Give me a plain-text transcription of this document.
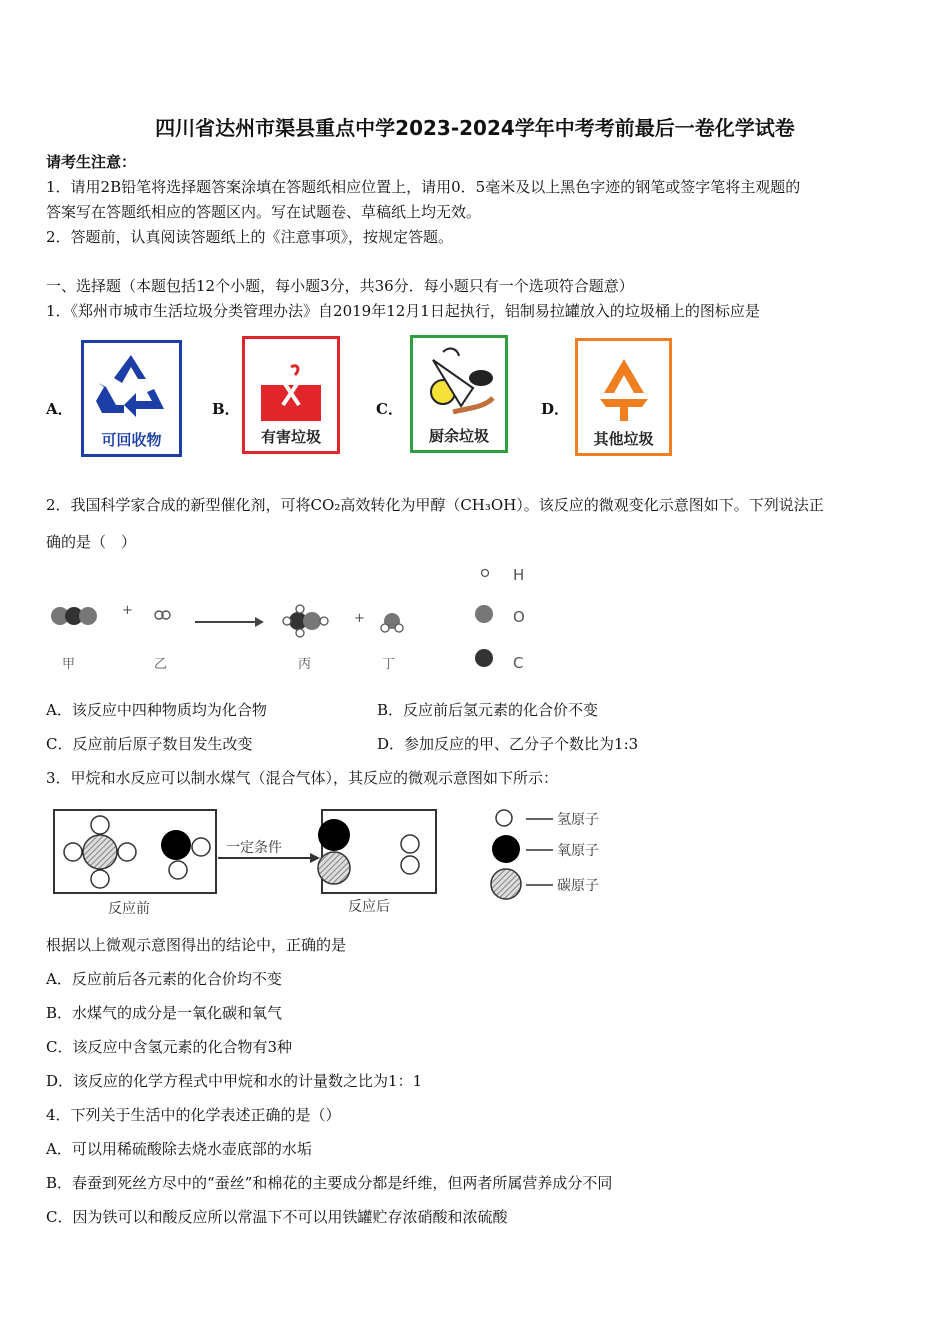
四川省达州市渠县重点中学2023-2024学年中考考前最后一卷化学试卷
请考生注意：
1．请用2B铅笔将选择题答案涂填在答题纸相应位置上，请用0．5毫米及以上黑色字迹的钢笔或签字笔将主观题的
答案写在答题纸相应的答题区内。写在试题卷、草稿纸上均无效。
2．答题前，认真阅读答题纸上的《注意事项》，按规定答题。
一、选择题（本题包括12个小题，每小题3分，共36分．每小题只有一个选项符合题意）
1．《郑州市城市生活垃圾分类管理办法》自2019年12月1日起执行，铝制易拉罐放入的垃圾桶上的图标应是
A．
可回收物
B．
有害垃圾
C．
厨余垃圾
D．
其他垃圾
2．我国科学家合成的新型催化剂，可将CO₂高效转化为甲醇（CH₃OH）。该反应的微观变化示意图如下。下列说法正
确的是（　）
+
+
甲	乙	丙	丁
H
O
C
A．该反应中四种物质均为化合物	B．反应前后氢元素的化合价不变
C．反应前后原子数目发生改变	D．参加反应的甲、乙分子个数比为1:3
3．甲烷和水反应可以制水煤气（混合气体），其反应的微观示意图如下所示：
一定条件
反应前	反应后
氢原子
氧原子
碳原子
根据以上微观示意图得出的结论中，正确的是
A．反应前后各元素的化合价均不变
B．水煤气的成分是一氧化碳和氧气
C．该反应中含氢元素的化合物有3种
D．该反应的化学方程式中甲烷和水的计量数之比为1：1
4．下列关于生活中的化学表述正确的是（）
A．可以用稀硫酸除去烧水壶底部的水垢
B．春蚕到死丝方尽中的“蚕丝”和棉花的主要成分都是纤维，但两者所属营养成分不同
C．因为铁可以和酸反应所以常温下不可以用铁罐贮存浓硝酸和浓硫酸
